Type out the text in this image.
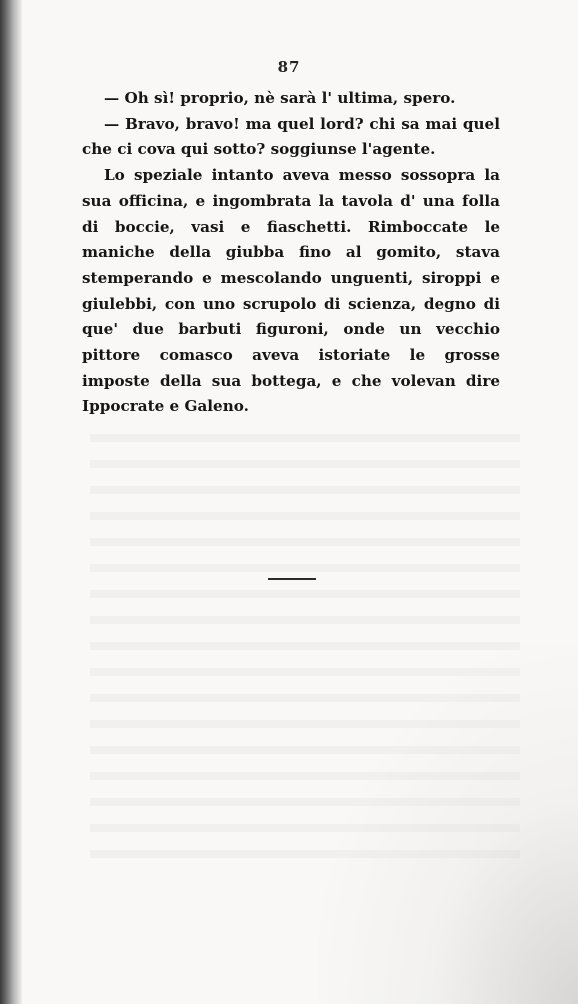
87

— Oh sì! proprio, nè sarà l' ultima, spero.

— Bravo, bravo! ma quel lord? chi sa mai quel che ci cova qui sotto? soggiunse l'agente.

Lo speziale intanto aveva messo sossopra la sua officina, e ingombrata la tavola d' una folla di boccie, vasi e fiaschetti. Rimboccate le maniche della giubba fino al gomito, stava stemperando e mescolando unguenti, siroppi e giulebbi, con uno scrupolo di scienza, degno di que' due barbuti figuroni, onde un vecchio pittore comasco aveva istoriate le grosse imposte della sua bottega, e che volevan dire Ippocrate e Galeno.
